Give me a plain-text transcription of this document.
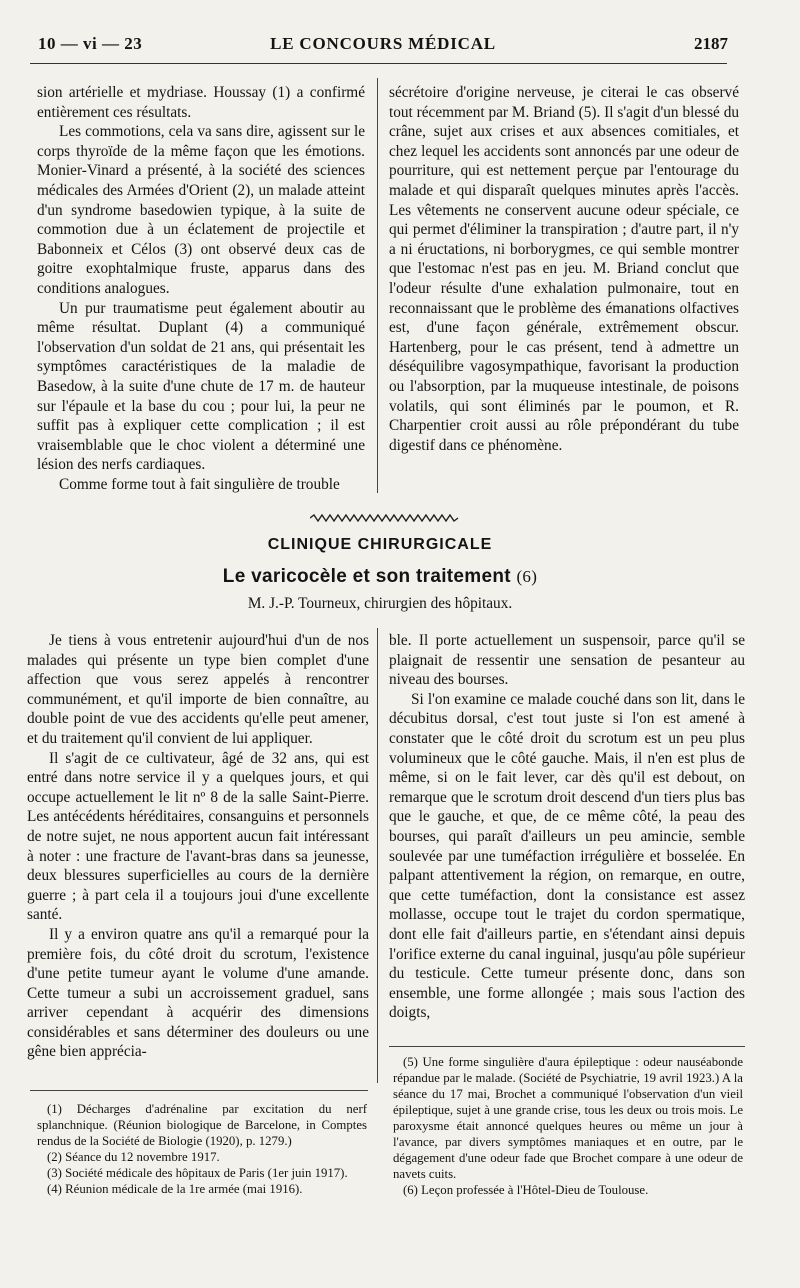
10 — vi — 23	LE CONCOURS MÉDICAL	2187

sion artérielle et mydriase. Houssay (1) a confirmé entièrement ces résultats.

Les commotions, cela va sans dire, agissent sur le corps thyroïde de la même façon que les émotions. Monier-Vinard a présenté, à la société des sciences médicales des Armées d'Orient (2), un malade atteint d'un syndrome basedowien typique, à la suite de commotion due à un éclatement de projectile et Babonneix et Célos (3) ont observé deux cas de goitre exophtalmique fruste, apparus dans des conditions analogues.

Un pur traumatisme peut également aboutir au même résultat. Duplant (4) a communiqué l'observation d'un soldat de 21 ans, qui présentait les symptômes caractéristiques de la maladie de Basedow, à la suite d'une chute de 17 m. de hauteur sur l'épaule et la base du cou ; pour lui, la peur ne suffit pas à expliquer cette complication ; il est vraisemblable que le choc violent a déterminé une lésion des nerfs cardiaques.

Comme forme tout à fait singulière de trouble

sécrétoire d'origine nerveuse, je citerai le cas observé tout récemment par M. Briand (5). Il s'agit d'un blessé du crâne, sujet aux crises et aux absences comitiales, et chez lequel les accidents sont annoncés par une odeur de pourriture, qui est nettement perçue par l'entourage du malade et qui disparaît quelques minutes après l'accès. Les vêtements ne conservent aucune odeur spéciale, ce qui permet d'éliminer la transpiration ; d'autre part, il n'y a ni éructations, ni borborygmes, ce qui semble montrer que l'estomac n'est pas en jeu. M. Briand conclut que l'odeur résulte d'une exhalation pulmonaire, tout en reconnaissant que le problème des émanations olfactives est, d'une façon générale, extrêmement obscur. Hartenberg, pour le cas présent, tend à admettre un déséquilibre vagosympathique, favorisant la production ou l'absorption, par la muqueuse intestinale, de poisons volatils, qui sont éliminés par le poumon, et R. Charpentier croit aussi au rôle prépondérant du tube digestif dans ce phénomène.

CLINIQUE CHIRURGICALE
Le varicocèle et son traitement (6)
M. J.-P. Tourneux, chirurgien des hôpitaux.

Je tiens à vous entretenir aujourd'hui d'un de nos malades qui présente un type bien complet d'une affection que vous serez appelés à rencontrer communément, et qu'il importe de bien connaître, au double point de vue des accidents qu'elle peut amener, et du traitement qu'il convient de lui appliquer.

Il s'agit de ce cultivateur, âgé de 32 ans, qui est entré dans notre service il y a quelques jours, et qui occupe actuellement le lit nº 8 de la salle Saint-Pierre. Les antécédents héréditaires, consanguins et personnels de notre sujet, ne nous apportent aucun fait intéressant à noter : une fracture de l'avant-bras dans sa jeunesse, deux blessures superficielles au cours de la dernière guerre ; à part cela il a toujours joui d'une excellente santé.

Il y a environ quatre ans qu'il a remarqué pour la première fois, du côté droit du scrotum, l'existence d'une petite tumeur ayant le volume d'une amande. Cette tumeur a subi un accroissement graduel, sans arriver cependant à acquérir des dimensions considérables et sans déterminer des douleurs ou une gêne bien apprécia-

ble. Il porte actuellement un suspensoir, parce qu'il se plaignait de ressentir une sensation de pesanteur au niveau des bourses.

Si l'on examine ce malade couché dans son lit, dans le décubitus dorsal, c'est tout juste si l'on est amené à constater que le côté droit du scrotum est un peu plus volumineux que le côté gauche. Mais, il n'en est plus de même, si on le fait lever, car dès qu'il est debout, on remarque que le scrotum droit descend d'un tiers plus bas que le gauche, et que, de ce même côté, la peau des bourses, qui paraît d'ailleurs un peu amincie, semble soulevée par une tuméfaction irrégulière et bosselée. En palpant attentivement la région, on remarque, en outre, que cette tuméfaction, dont la consistance est assez mollasse, occupe tout le trajet du cordon spermatique, dont elle fait d'ailleurs partie, en s'étendant ainsi depuis l'orifice externe du canal inguinal, jusqu'au pôle supérieur du testicule. Cette tumeur présente donc, dans son ensemble, une forme allongée ; mais sous l'action des doigts,

(1) Décharges d'adrénaline par excitation du nerf splanchnique. (Réunion biologique de Barcelone, in Comptes rendus de la Société de Biologie (1920), p. 1279.)

(2) Séance du 12 novembre 1917.

(3) Société médicale des hôpitaux de Paris (1er juin 1917).

(4) Réunion médicale de la 1re armée (mai 1916).

(5) Une forme singulière d'aura épileptique : odeur nauséabonde répandue par le malade. (Société de Psychiatrie, 19 avril 1923.) A la séance du 17 mai, Brochet a communiqué l'observation d'un vieil épileptique, sujet à une grande crise, tous les deux ou trois mois. Le paroxysme était annoncé quelques heures ou même un jour à l'avance, par divers symptômes maniaques et en outre, par le dégagement d'une odeur fade que Brochet compare à une odeur de navets cuits.

(6) Leçon professée à l'Hôtel-Dieu de Toulouse.
